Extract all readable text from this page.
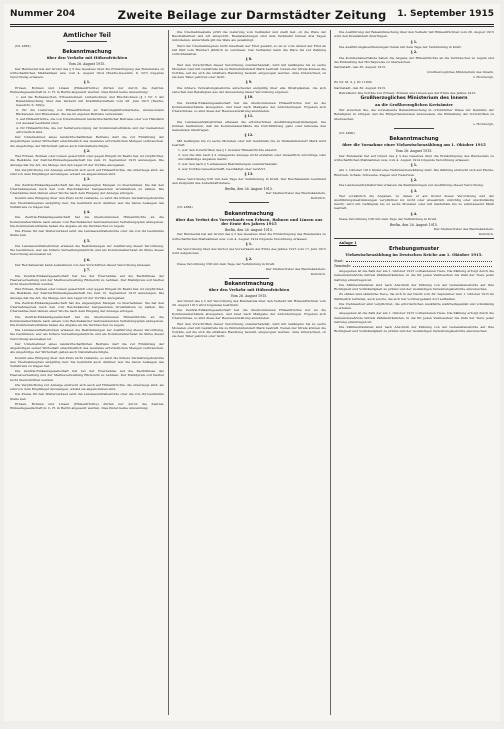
Nummer 204	Zweite Beilage zur Darmstädter Zeitung	1. September 1915
Amtlicher Teil

(Nr. 4883)

Bekanntmachung
über den Verkehr mit Hülsenfrüchten
Vom 26. August 1915.

Der Bundesrat hat auf Grund des § 3 des Gesetzes über die Ermächtigung des Bundesrats zu wirtschaftlichen Maßnahmen usw. vom 4. August 1914 (Reichs-Gesetzbl. S. 327) folgende Verordnung erlassen:

§ 1.

Erbsen, Bohnen und Linsen (Hülsenfrüchte) dürfen nur durch die Zentral-Einkaufsgesellschaft m. b. H. in Berlin abgesetzt werden. Dies findet keine Anwendung:

1. auf die Bohnensorten, Erbsenbohnen, Lintenbohnen und Brechbohnen (§ 1 Nr. 5 der Bekanntmachung über den Verkehr mit Kraftfuttermitteln vom 28. Juni 1915 (Reichs-Gesetzbl. S. 399));
2. für die Lieferung von Hülsenfrüchten an Nahrungsmittelbetriebe, insbesondere Bäckereien und Brauereien, die sie im eigenen Betriebe verwenden;
3. auf Hülsenfrüchte, die von Unternehmern landwirtschaftlicher Betriebe oder von Händlern zur Aussaat bestimmt sind;
4. für Hülsenfrüchte, die zur Selbstversorgung der Kommunalverbände und der Gemeinden erforderlich sind.

Der Unternehmer eines landwirtschaftlichen Betriebs darf die zur Ernährung der Angehörigen seiner Wirtschaft einschließlich des Gesindes erforderlichen Mengen verbrauchen. Als Angehörige der Wirtschaft gelten auch Naturalberechtigte.

§ 2.

Wer Erbsen, Bohnen oder Linsen gewerblich oder gegen Entgelt im Besitz hat, ist verpflichtet, die Bestände der Zentral-Einkaufsgesellschaft bis zum 15. September 1915 anzuzeigen. Die Anzeige hat die Art, die Menge und den Lagerort der Vorräte anzugeben.

Die Verpflichtung zur Anzeige erstreckt sich auch auf Hülsenfrüchte, die unterwegs sind; sie sind von dem Empfänger anzuzeigen, sobald sie angekommen sind.

§ 3.

Die Zentral-Einkaufsgesellschaft hat die angezeigten Mengen zu übernehmen. Sie hat den Übernahmepreis nach den vom Reichskanzler festgesetzten Grundsätzen zu zahlen. Die Übernahme muß binnen einer Woche nach dem Eingang der Anzeige erfolgen.

Kommt eine Einigung über den Preis nicht zustande, so setzt die höhere Verwaltungsbehörde den Übernahmepreis endgültig fest. Sie bestimmt auch darüber, wer die baren Auslagen des Verfahrens zu tragen hat.

§ 4.

Die Zentral-Einkaufsgesellschaft hat die übernommenen Hülsenfrüchte an die Kommunalverbände nach einem vom Reichskanzler festzusetzenden Verteilungsplan abzugeben. Die Kommunalverbände haben die Abgabe an die Verbraucher zu regeln.

Die Preise für den Weiterverkauf setzt die Landeszentralbehörde oder die von ihr bestimmte Stelle fest.

§ 5.

Die Landeszentralbehörden erlassen die Bestimmungen zur Ausführung dieser Verordnung. Sie bestimmen, wer als höhere Verwaltungsbehörde und als Kommunalverband im Sinne dieser Verordnung anzusehen ist.

§ 6.

Der Reichskanzler kann Ausnahmen von den Vorschriften dieser Verordnung zulassen.

§ 7.

Die Zentral-Einkaufsgesellschaft hat bei der Übernahme auf die Bedürfnisse der Heeresverwaltung und der Marineverwaltung Rücksicht zu nehmen. Der Marktpreis soll hierbei nicht überschritten werden.

Wer Erbsen, Bohnen oder Linsen gewerblich oder gegen Entgelt im Besitz hat, ist verpflichtet, die Bestände der Zentral-Einkaufsgesellschaft bis zum 15. September 1915 anzuzeigen. Die Anzeige hat die Art, die Menge und den Lagerort der Vorräte anzugeben.

Die Zentral-Einkaufsgesellschaft hat die angezeigten Mengen zu übernehmen. Sie hat den Übernahmepreis nach den vom Reichskanzler festgesetzten Grundsätzen zu zahlen. Die Übernahme muß binnen einer Woche nach dem Eingang der Anzeige erfolgen.

Die Zentral-Einkaufsgesellschaft hat die übernommenen Hülsenfrüchte an die Kommunalverbände nach einem vom Reichskanzler festzusetzenden Verteilungsplan abzugeben. Die Kommunalverbände haben die Abgabe an die Verbraucher zu regeln.

Die Landeszentralbehörden erlassen die Bestimmungen zur Ausführung dieser Verordnung. Sie bestimmen, wer als höhere Verwaltungsbehörde und als Kommunalverband im Sinne dieser Verordnung anzusehen ist.

Der Unternehmer eines landwirtschaftlichen Betriebs darf die zur Ernährung der Angehörigen seiner Wirtschaft einschließlich des Gesindes erforderlichen Mengen verbrauchen. Als Angehörige der Wirtschaft gelten auch Naturalberechtigte.

Kommt eine Einigung über den Preis nicht zustande, so setzt die höhere Verwaltungsbehörde den Übernahmepreis endgültig fest. Sie bestimmt auch darüber, wer die baren Auslagen des Verfahrens zu tragen hat.

Die Zentral-Einkaufsgesellschaft hat bei der Übernahme auf die Bedürfnisse der Heeresverwaltung und der Marineverwaltung Rücksicht zu nehmen. Der Marktpreis soll hierbei nicht überschritten werden.

Die Verpflichtung zur Anzeige erstreckt sich auch auf Hülsenfrüchte, die unterwegs sind; sie sind von dem Empfänger anzuzeigen, sobald sie angekommen sind.

Die Preise für den Weiterverkauf setzt die Landeszentralbehörde oder die von ihr bestimmte Stelle fest.

Erbsen, Bohnen und Linsen (Hülsenfrüchte) dürfen nur durch die Zentral-Einkaufsgesellschaft m. b. H. in Berlin abgesetzt werden. Dies findet keine Anwendung:

Die Übernahmestelle prüft die Lieferung vom Verkäufer und stellt fest, ob die Ware der Beschaffenheit und Art entspricht. Beanstandungen sind dem Verkäufer binnen drei Tagen mitzuteilen; andernfalls gilt die Ware als genehmigt.

Wird der Übernahmepreis nicht innerhalb der Frist gezahlt, so ist er vom Ablauf der Frist ab mit fünf vom Hundert jährlich zu verzinsen. Der Verkäufer kann die Ware bis zur Zahlung zurückbehalten.

§ 8.

Wer den Vorschriften dieser Verordnung zuwiderhandelt, wird mit Gefängnis bis zu sechs Monaten oder mit Geldstrafe bis zu fünfzehnhundert Mark bestraft. Neben der Strafe können die Vorräte, auf die sich die strafbare Handlung bezieht, eingezogen werden, ohne Unterschied, ob sie dem Täter gehören oder nicht.

§ 9.

Die höhere Verwaltungsbehörde entscheidet endgültig über alle Streitigkeiten, die sich zwischen den Beteiligten aus der Anwendung dieser Verordnung ergeben.

§ 10.

Die Zentral-Einkaufsgesellschaft hat die übernommenen Hülsenfrüchte nur an die Kommunalverbände abzugeben, und zwar nach Maßgabe der Anforderungen. Ergeben sich Überschüsse, so sind diese der Heeresverwaltung anzubieten.

§ 11.

Die Landeszentralbehörden erlassen die erforderlichen Ausführungsbestimmungen. Sie können bestimmen, daß die Kommunalverbände die Durchführung ganz oder teilweise den Gemeinden übertragen.

§ 12.

Mit Gefängnis bis zu sechs Monaten oder mit Geldstrafe bis zu fünfzehnhundert Mark wird bestraft:

1. wer den Vorschriften des § 1 zuwider Hülsenfrüchte absetzt;
2. wer die ihm nach § 2 obliegende Anzeige nicht erstattet oder wissentlich unrichtige oder unvollständige Angaben macht;
3. wer den nach § 5 erlassenen Bestimmungen zuwiderhandelt;
4. wer Vorräte beiseiteschafft, beschädigt oder zerstört.
§ 13.

Diese Verordnung tritt mit dem Tage der Verkündung in Kraft. Der Reichskanzler bestimmt den Zeitpunkt des Außerkrafttretens.

Berlin, den 26. August 1915.
Der Stellvertreter des Reichskanzlers.
Delbrück.

(Nr. 4884)

Bekanntmachung
über das Verbot des Vorverkaufs von Erbsen, Bohnen und Linsen aus der Ernte des Jahres 1915
Berlin, den 26. August 1915.

Der Bundesrat hat auf Grund des § 3 des Gesetzes über die Ermächtigung des Bundesrats zu wirtschaftlichen Maßnahmen usw. vom 4. August 1914 folgende Verordnung erlassen:

§ 1.

Die Verordnung über das Verbot des Vorverkaufs der Ernte des Jahres 1915 vom 17. Juni 1915 wird aufgehoben.

§ 2.

Diese Verordnung tritt mit dem Tage der Verkündung in Kraft.

Der Stellvertreter des Reichskanzlers.
Delbrück.
Bekanntmachung
über den Verkehr mit Hülsenfrüchten
Vom 26. August 1915.

Auf Grund des § 5 der Verordnung des Bundesrats über den Verkehr mit Hülsenfrüchten vom 26. August 1915 wird folgendes bestimmt:

Die Zentral-Einkaufsgesellschaft hat die übernommenen Hülsenfrüchte nur an die Kommunalverbände abzugeben, und zwar nach Maßgabe der Anforderungen. Ergeben sich Überschüsse, so sind diese der Heeresverwaltung anzubieten.

Wer den Vorschriften dieser Verordnung zuwiderhandelt, wird mit Gefängnis bis zu sechs Monaten oder mit Geldstrafe bis zu fünfzehnhundert Mark bestraft. Neben der Strafe können die Vorräte, auf die sich die strafbare Handlung bezieht, eingezogen werden, ohne Unterschied, ob sie dem Täter gehören oder nicht.

Die Ausführung der Bekanntmachung über den Verkehr mit Hülsenfrüchten vom 26. August 1915 wird den Kreisämtern übertragen.

§ 1.

Die Ausführungsbestimmungen treten mit dem Tage der Verkündung in Kraft.

§ 2.

Die Kommunalverbände haben die Abgabe der Hülsenfrüchte an die Verbraucher zu regeln und die Einhaltung der Höchstpreise zu überwachen.

Darmstadt, den 30. August 1915.

Großherzogliches Ministerium des Innern.
v. Hombergk.

Zu Nr. M. d. J. III 11209.

Darmstadt, den 30. August 1915.

Betreffend: Die Vorräte von Erbsen, Bohnen und Linsen aus der Ernte des Jahres 1915.

Großherzogliches Ministerium des Innern
an die Großherzoglichen Kreisämter

Wir ersuchen Sie, die vorstehende Bekanntmachung in ortsüblicher Weise zur Kenntnis der Beteiligten zu bringen und die Bürgermeistereien anzuweisen, die Einhaltung der Vorschriften zu überwachen.

v. Hombergk.

(Nr. 4890)

Bekanntmachung
über die Vornahme einer Viehzwischenzählung am 1. Oktober 1915
Vom 26. August 1915.

Der Bundesrat hat auf Grund des § 3 des Gesetzes über die Ermächtigung des Bundesrats zu wirtschaftlichen Maßnahmen usw. vom 4. August 1914 folgende Verordnung erlassen:

§ 1.

Am 1. Oktober 1915 findet eine Viehzwischenzählung statt. Die Zählung erstreckt sich auf Pferde, Rindvieh, Schafe, Schweine, Ziegen und Federvieh.

§ 2.

Die Landeszentralbehörden erlassen die Bestimmungen zur Ausführung dieser Verordnung.

§ 3.

Wer vorsätzlich die Angaben, zu denen er auf Grund dieser Verordnung und der Ausführungsbestimmungen verpflichtet ist, nicht oder wissentlich unrichtig oder unvollständig macht, wird mit Gefängnis bis zu sechs Monaten oder mit Geldstrafe bis zu zehntausend Mark bestraft.

§ 4.

Diese Verordnung tritt mit dem Tage der Verkündung in Kraft.

Berlin, den 26. August 1915.
Der Stellvertreter des Reichskanzlers.
Delbrück.

Anlage 1

Erhebungsmuster
Viehzwischenzählung im Deutschen Reiche am 1. Oktober 1915.
Staat:
Gemeinde:

Angegeben ist die Zahl der am 1. Oktober 1915 vorhandenen Tiere. Die Zählung erfolgt durch die Gemeindebehörde mittels Zählbezirkslisten, in die für jeden Viehbesitzer die Zahl der Tiere jeder Gattung einzutragen ist.

Die Zählbezirkslisten sind nach Abschluß der Zählung von der Gemeindebehörde auf ihre Richtigkeit und Vollständigkeit zu prüfen und der zuständigen Verwaltungsbehörde einzureichen.

Zu zählen sind sämtliche Tiere, die sich in der Nacht vom 30. September zum 1. Oktober 1915 im Zählbezirk befinden, auch solche, die sich nur vorübergehend dort aufhalten.

Die Viehbesitzer sind verpflichtet, die erforderlichen Auskünfte wahrheitsgemäß und vollständig zu erteilen.

Angegeben ist die Zahl der am 1. Oktober 1915 vorhandenen Tiere. Die Zählung erfolgt durch die Gemeindebehörde mittels Zählbezirkslisten, in die für jeden Viehbesitzer die Zahl der Tiere jeder Gattung einzutragen ist.

Die Zählbezirkslisten sind nach Abschluß der Zählung von der Gemeindebehörde auf ihre Richtigkeit und Vollständigkeit zu prüfen und der zuständigen Verwaltungsbehörde einzureichen.
